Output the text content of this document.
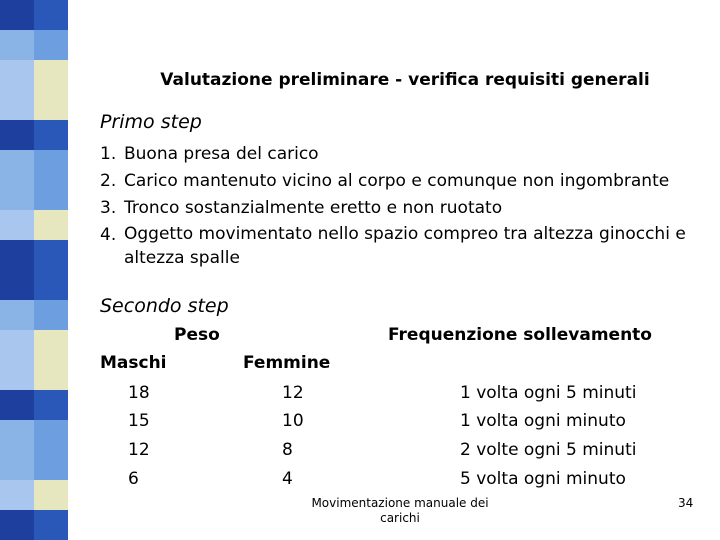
Valutazione preliminare - verifica requisiti generali
Primo step
1. Buona presa del carico
2. Carico mantenuto vicino al corpo e comunque non ingombrante
3. Tronco sostanzialmente eretto e non ruotato
4. Oggetto movimentato nello spazio compreo tra altezza ginocchi e altezza spalle
Secondo step
Peso	Frequenzione sollevamento
Maschi	Femmine
18	12	1 volta ogni 5 minuti
15	10	1 volta ogni minuto
12	8	2 volte ogni 5 minuti
6	4	5 volta ogni minuto
Movimentazione manuale dei carichi
34
